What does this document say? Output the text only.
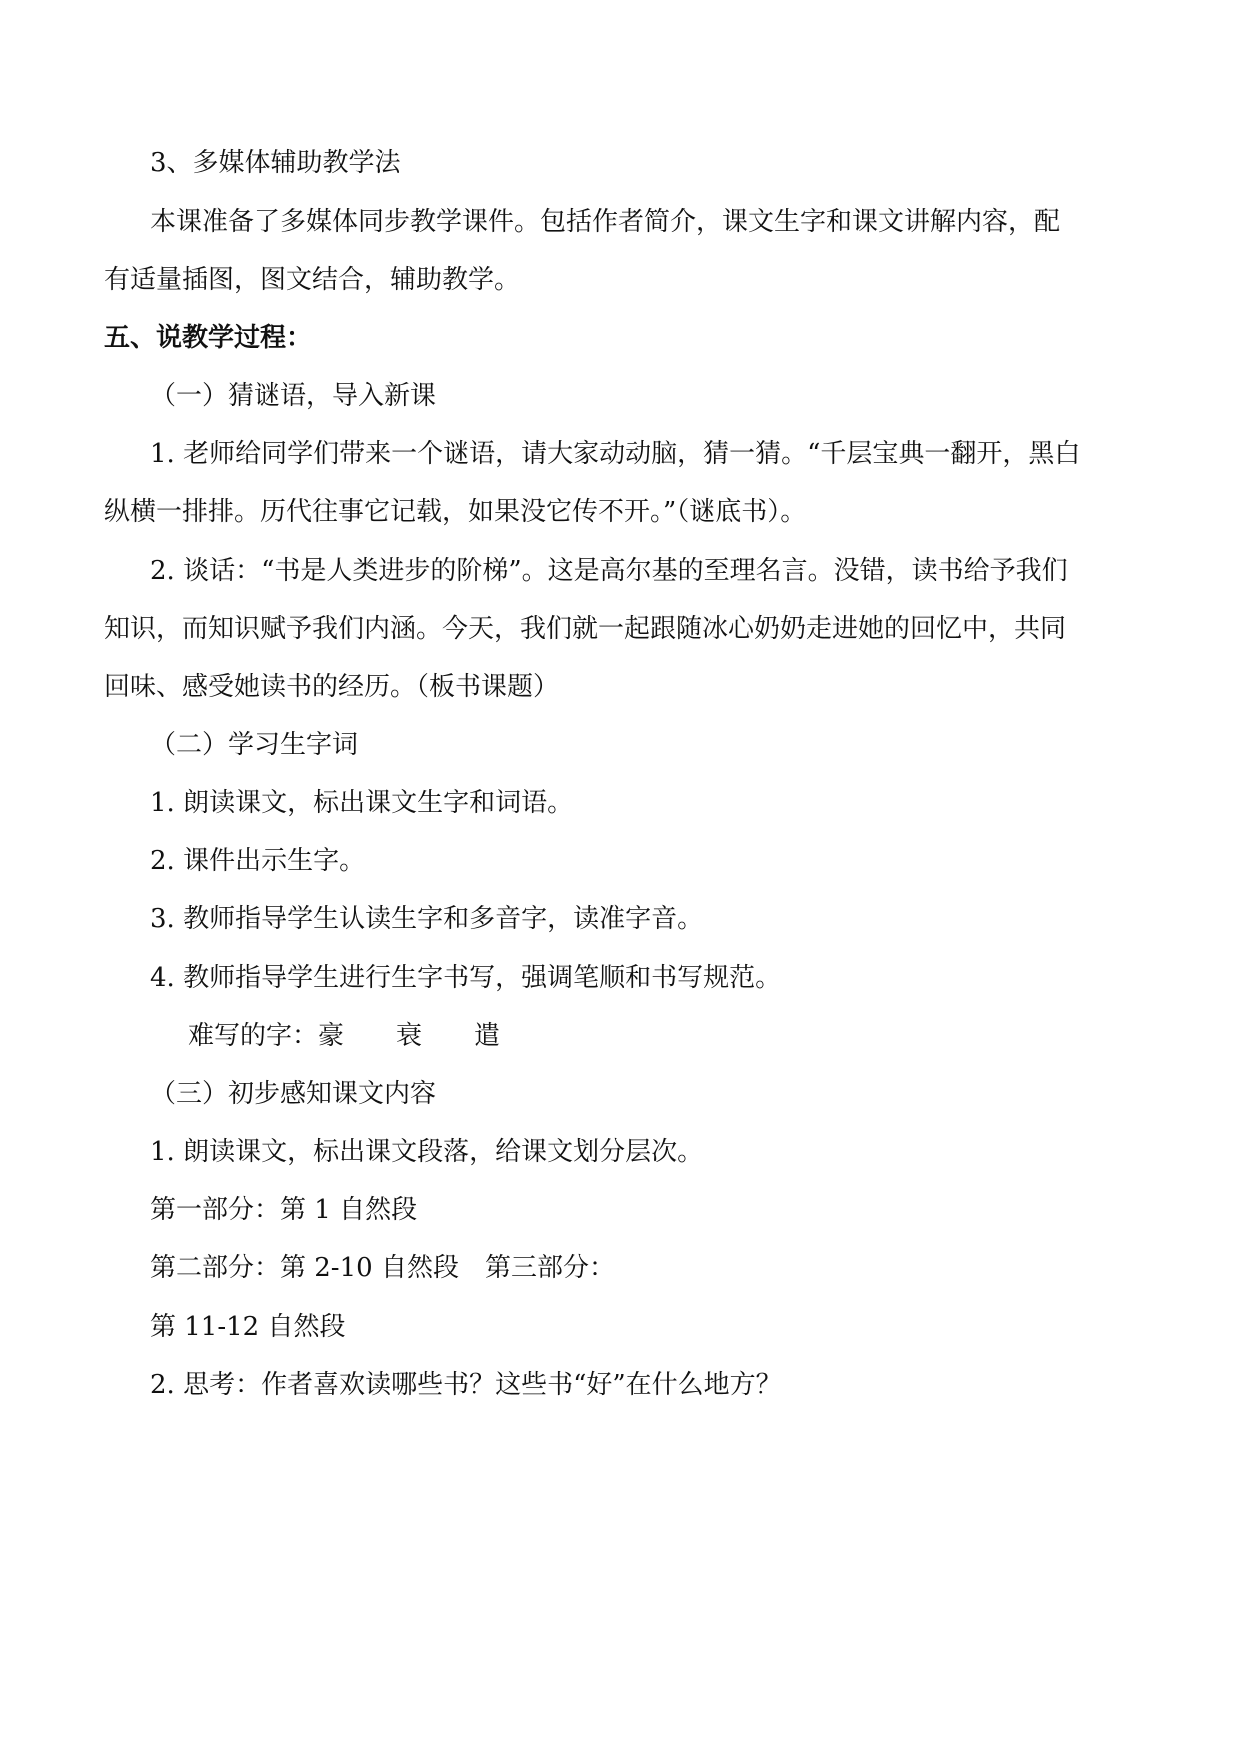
3、多媒体辅助教学法
本课准备了多媒体同步教学课件。包括作者简介，课文生字和课文讲解内容，配
有适量插图，图文结合，辅助教学。
五、说教学过程：
（一）猜谜语，导入新课
1. 老师给同学们带来一个谜语，请大家动动脑，猜一猜。“千层宝典一翻开，黑白
纵横一排排。历代往事它记载，如果没它传不开。”（谜底书）。
2. 谈话：“书是人类进步的阶梯”。这是高尔基的至理名言。没错，读书给予我们
知识，而知识赋予我们内涵。今天，我们就一起跟随冰心奶奶走进她的回忆中，共同
回味、感受她读书的经历。（板书课题）
（二）学习生字词
1. 朗读课文，标出课文生字和词语。
2. 课件出示生字。
3. 教师指导学生认读生字和多音字，读准字音。
4. 教师指导学生进行生字书写，强调笔顺和书写规范。
难写的字：豪 衰 遣
（三）初步感知课文内容
1. 朗读课文，标出课文段落，给课文划分层次。
第一部分：第 1 自然段
第二部分：第 2-10 自然段　第三部分：
第 11-12 自然段
2. 思考：作者喜欢读哪些书？这些书“好”在什么地方？
